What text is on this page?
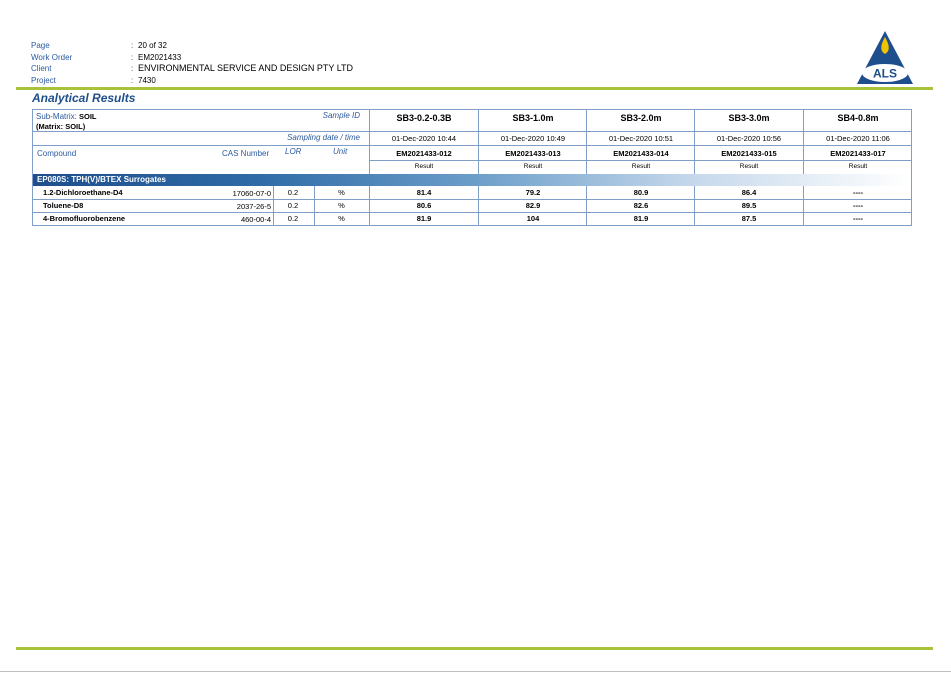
Page	: 20 of 32
Work Order	: EM2021433
Client	: ENVIRONMENTAL SERVICE AND DESIGN PTY LTD
Project	: 7430
ALS
Analytical Results
Sub-Matrix: SOIL
(Matrix: SOIL)
Sample ID
Sampling date / time
Compound	CAS Number LOR	Unit
SB3-0.2-0.3B	SB3-1.0m	SB3-2.0m	SB3-3.0m	SB4-0.8m
01-Dec-2020 10:44	01-Dec-2020 10:49	01-Dec-2020 10:51	01-Dec-2020 10:56	01-Dec-2020 11:06
EM2021433-012	EM2021433-013	EM2021433-014	EM2021433-015	EM2021433-017
Result	Result	Result	Result	Result
EP080S: TPH(V)/BTEX Surrogates
1.2-Dichloroethane-D4	17060-07-0	0.2	%	81.4	79.2	80.9	86.4	----
Toluene-D8	2037-26-5	0.2	%	80.6	82.9	82.6	89.5	----
4-Bromofluorobenzene	460-00-4	0.2	%	81.9	104	81.9	87.5	----
